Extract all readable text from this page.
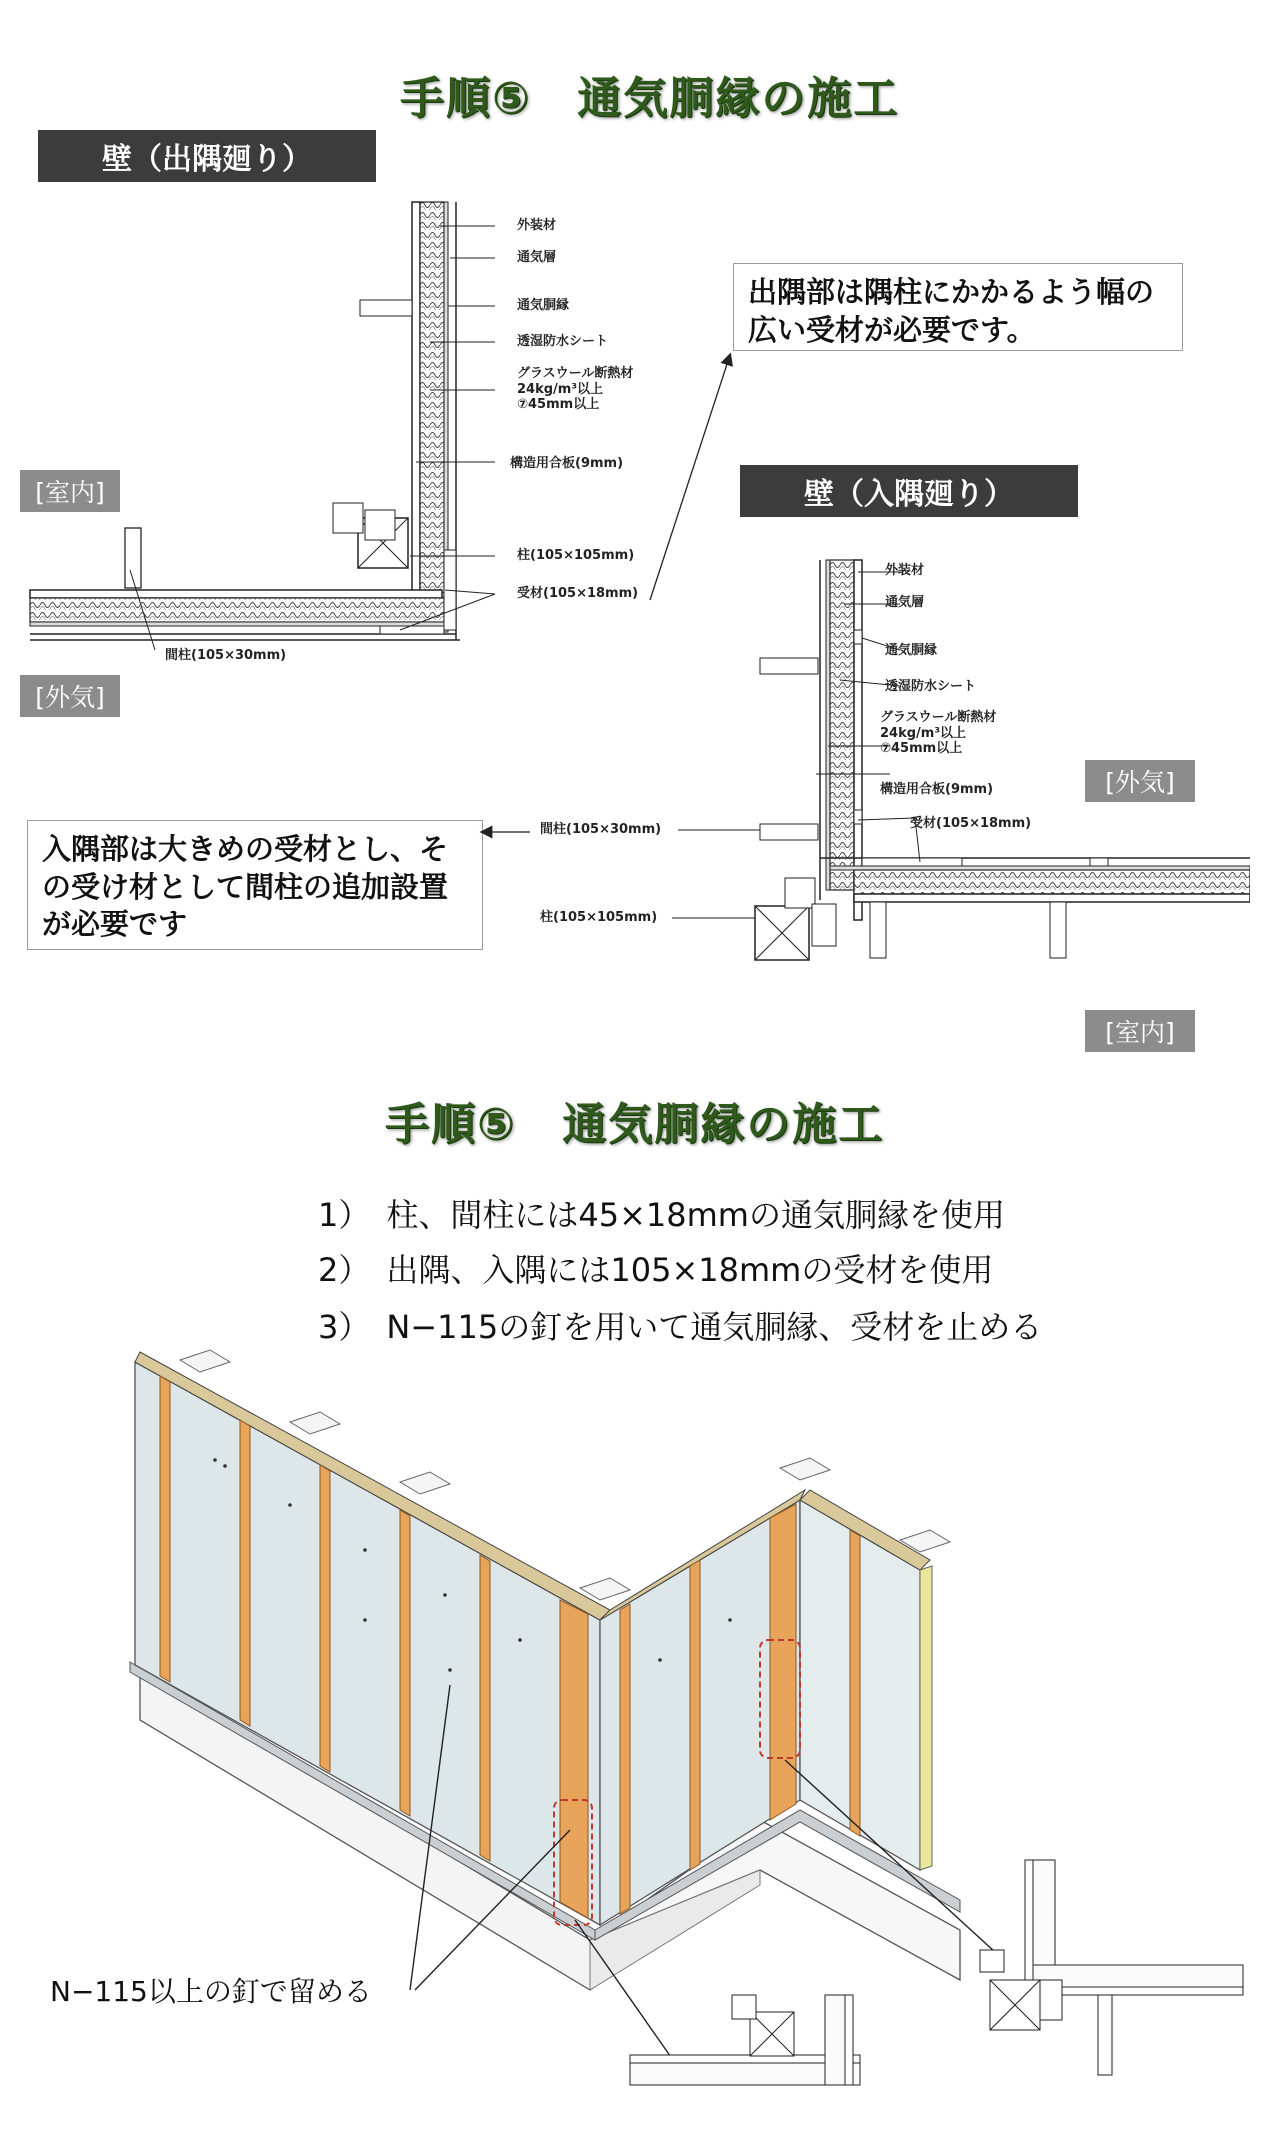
手順⑤　通気胴縁の施工
壁（出隅廻り）
壁（入隅廻り）
[室内]
[外気]
[外気]
[室内]
出隅部は隅柱にかかるよう幅の広い受材が必要です。
入隅部は大きめの受材とし、その受け材として間柱の追加設置が必要です
外装材
通気層
通気胴縁
透湿防水シート
グラスウール断熱材
24kg/m³以上
⑦45mm以上
構造用合板(9mm)
柱(105×105mm)
受材(105×18mm)
間柱(105×30mm)
外装材
通気層
通気胴縁
透湿防水シート
グラスウール断熱材
24kg/m³以上
⑦45mm以上
構造用合板(9mm)
受材(105×18mm)
間柱(105×30mm)
柱(105×105mm)
手順⑤　通気胴縁の施工
1）　柱、間柱には45×18mmの通気胴縁を使用
2）　出隅、入隅には105×18mmの受材を使用
3）　N−115の釘を用いて通気胴縁、受材を止める
N−115以上の釘で留める
